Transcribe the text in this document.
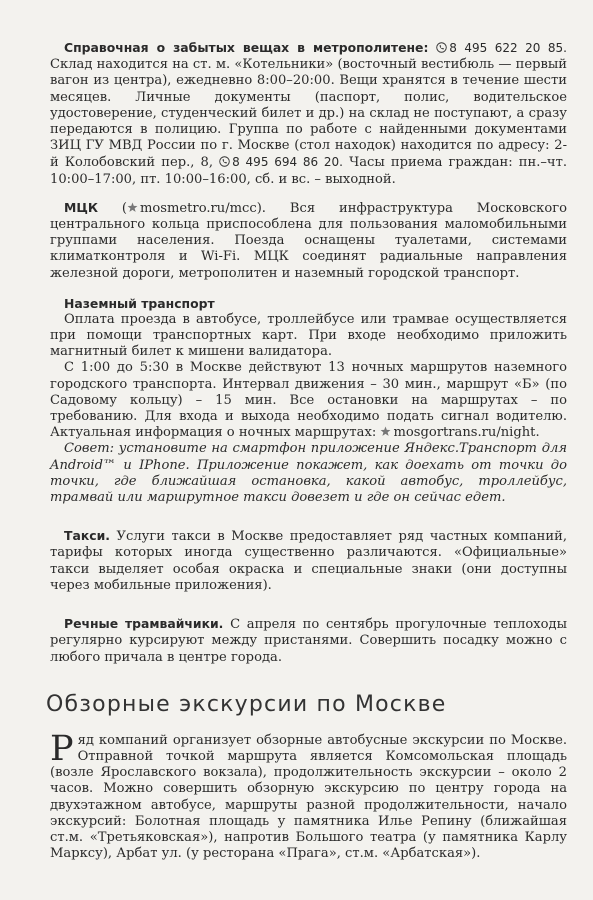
Справочная о забытых вещах в метрополитене: 8 495 622 20 85. Склад находится на ст. м. «Котельники» (восточный вестибюль — первый вагон из центра), ежедневно 8:00–20:00. Вещи хранятся в течение шести месяцев. Личные документы (паспорт, полис, водительское удостоверение, студенческий билет и др.) на склад не поступают, а сразу передаются в полицию. Группа по работе с найденными документами ЗИЦ ГУ МВД России по г. Москве (стол находок) находится по адресу: 2-й Колобовский пер., 8, 8 495 694 86 20. Часы приема граждан: пн.–чт. 10:00–17:00, пт. 10:00–16:00, сб. и вс. – выходной.

МЦК ( mosmetro.ru/mcc). Вся инфраструктура Московского центрального кольца приспособлена для пользования маломобильными группами населения. Поезда оснащены туалетами, системами климатконтроля и Wi-Fi. МЦК соединят радиальные направления железной дороги, метрополитен и наземный городской транспорт.

Наземный транспорт

Оплата проезда в автобусе, троллейбусе или трамвае осуществляется при помощи транспортных карт. При входе необходимо приложить магнитный билет к мишени валидатора.

С 1:00 до 5:30 в Москве действуют 13 ночных маршрутов наземного городского транспорта. Интервал движения – 30 мин., маршрут «Б» (по Садовому кольцу) – 15 мин. Все остановки на маршрутах – по требованию. Для входа и выхода необходимо подать сигнал водителю. Актуальная информация о ночных маршрутах: mosgortrans.ru/night.

Совет: установите на смартфон приложение Яндекс.Транспорт для Android™ и IPhone. Приложение покажет, как доехать от точки до точки, где ближайшая остановка, какой автобус, троллейбус, трамвай или маршрутное такси довезет и где он сейчас едет.

Такси. Услуги такси в Москве предоставляет ряд частных компаний, тарифы которых иногда существенно различаются. «Официальные» такси выделяет особая окраска и специальные знаки (они доступны через мобильные приложения).

Речные трамвайчики. С апреля по сентябрь прогулочные теплоходы регулярно курсируют между пристанями. Совершить посадку можно с любого причала в центре города.

Обзорные экскурсии по Москве

Ряд компаний организует обзорные автобусные экскурсии по Москве. Отправной точкой маршрута является Комсомольская площадь (возле Ярославского вокзала), продолжительность экскурсии – около 2 часов. Можно совершить обзорную экскурсию по центру города на двухэтажном автобусе, маршруты разной продолжительности, начало экскурсий: Болотная площадь у памятника Илье Репину (ближайшая ст.м. «Третьяковская»), напротив Большого театра (у памятника Карлу Марксу), Арбат ул. (у ресторана «Прага», ст.м. «Арбатская»).
